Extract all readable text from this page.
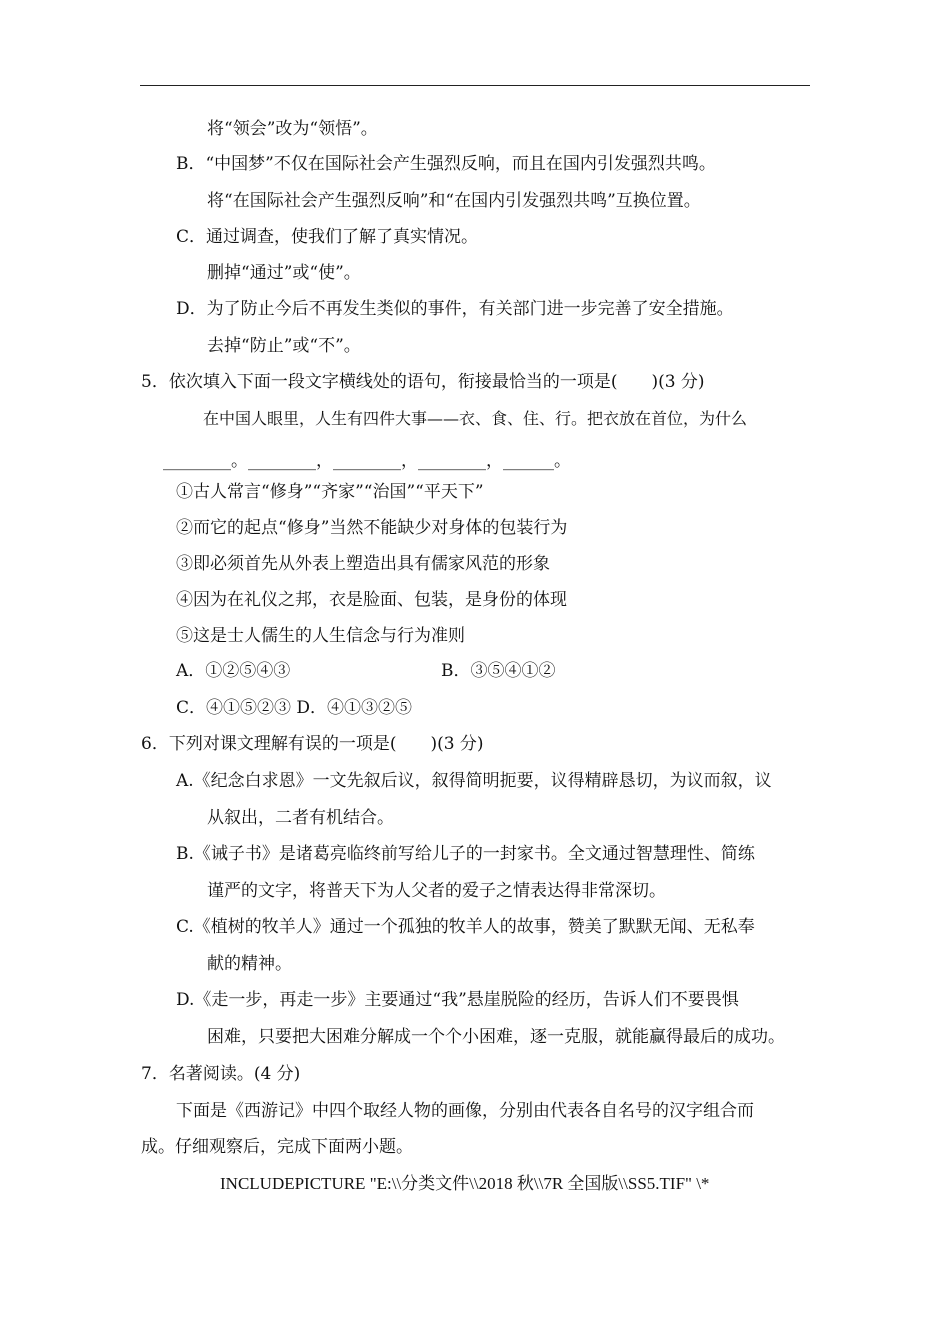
将“领会”改为“领悟”。
B．“中国梦”不仅在国际社会产生强烈反响，而且在国内引发强烈共鸣。
将“在国际社会产生强烈反响”和“在国内引发强烈共鸣”互换位置。
C．通过调查，使我们了解了真实情况。
删掉“通过”或“使”。
D．为了防止今后不再发生类似的事件，有关部门进一步完善了安全措施。
去掉“防止”或“不”。
5．依次填入下面一段文字横线处的语句，衔接最恰当的一项是(　　)(3 分)
在中国人眼里，人生有四件大事——衣、食、住、行。把衣放在首位，为什么
________。________，________，________，______。
①古人常言“修身”“齐家”“治国”“平天下”
②而它的起点“修身”当然不能缺少对身体的包装行为
③即必须首先从外表上塑造出具有儒家风范的形象
④因为在礼仪之邦，衣是脸面、包装，是身份的体现
⑤这是士人儒生的人生信念与行为准则
A．①②⑤④③	B．③⑤④①②
C．④①⑤②③ D．④①③②⑤
6．下列对课文理解有误的一项是(　　)(3 分)
A.《纪念白求恩》一文先叙后议，叙得简明扼要，议得精辟恳切，为议而叙，议
从叙出，二者有机结合。
B.《诫子书》是诸葛亮临终前写给儿子的一封家书。全文通过智慧理性、简练
谨严的文字，将普天下为人父者的爱子之情表达得非常深切。
C.《植树的牧羊人》通过一个孤独的牧羊人的故事，赞美了默默无闻、无私奉
献的精神。
D.《走一步，再走一步》主要通过“我”悬崖脱险的经历，告诉人们不要畏惧
困难，只要把大困难分解成一个个小困难，逐一克服，就能赢得最后的成功。
7．名著阅读。(4 分)
下面是《西游记》中四个取经人物的画像，分别由代表各自名号的汉字组合而
成。仔细观察后，完成下面两小题。
INCLUDEPICTURE "E:\\分类文件\\2018 秋\\7R 全国版\\SS5.TIF" \*
